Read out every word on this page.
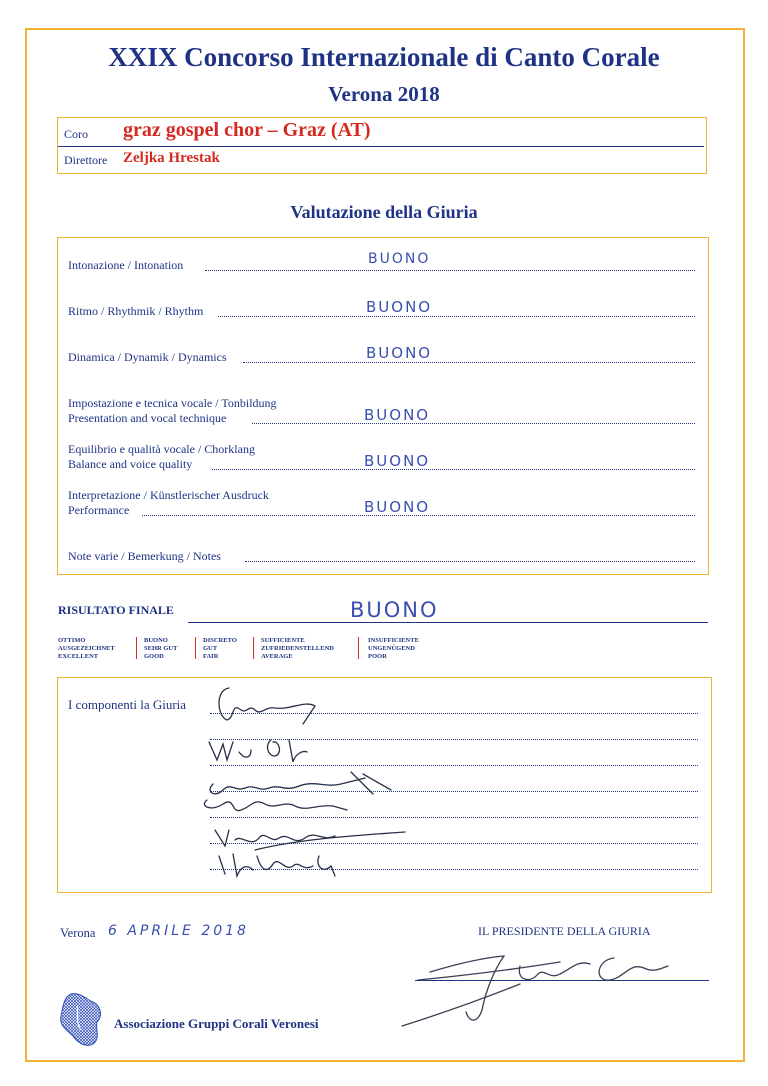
XXIX Concorso Internazionale di Canto Corale
Verona 2018
Coro graz gospel chor – Graz (AT)
Direttore Zeljka Hrestak
Valutazione della Giuria
Intonazione / Intonation	BUONO
Ritmo / Rhythmik / Rhythm	BUONO
Dinamica / Dynamik / Dynamics	BUONO
Impostazione e tecnica vocale / Tonbildung
Presentation and vocal technique	BUONO
Equilibrio e qualità vocale / Chorklang
Balance and voice quality	BUONO
Interpretazione / Künstlerischer Ausdruck
Performance	BUONO
Note varie / Bemerkung / Notes
RISULTATO FINALE	BUONO
OTTIMO
AUSGEZEICHNET
EXCELLENT
BUONO
SEHR GUT
GOOD
DISCRETO
GUT
FAIR
SUFFICIENTE
ZUFRIEDENSTELLEND
AVERAGE
INSUFFICIENTE
UNGENÜGEND
POOR
I componenti la Giuria
Verona 6 APRILE 2018	IL PRESIDENTE DELLA GIURIA
Associazione Gruppi Corali Veronesi
